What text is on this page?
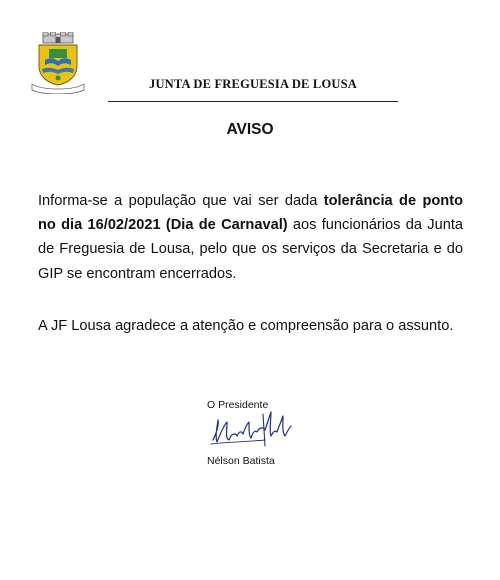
JUNTA DE FREGUESIA DE LOUSA
AVISO
Informa-se a população que vai ser dada tolerância de ponto no dia 16/02/2021 (Dia de Carnaval) aos funcionários da Junta de Freguesia de Lousa, pelo que os serviços da Secretaria e do GIP se encontram encerrados.
A JF Lousa agradece a atenção e compreensão para o assunto.
O Presidente
Nélson Batista
